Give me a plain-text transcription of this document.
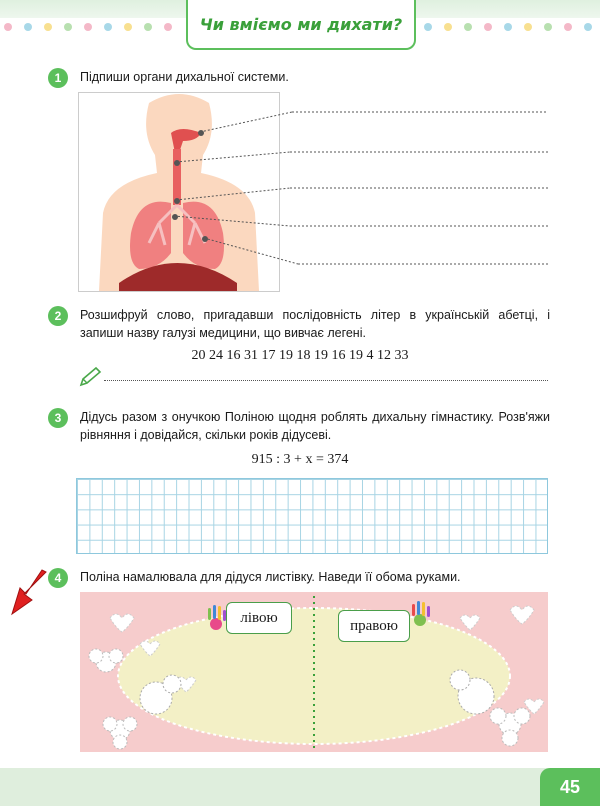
Чи вміємо ми дихати?
1	Підпиши органи дихальної системи.
2	Розшифруй слово, пригадавши послідовність літер в українській абетці, і запиши назву галузі медицини, що вивчає легені.
20 24 16 31 17 19 18 19 16 19 4 12 33
3	Дідусь разом з онучкою Поліною щодня роблять дихальну гімнастику. Розв'яжи рівняння і довідайся, скільки років дідусеві.
915 : 3 + x = 374
4	Поліна намалювала для дідуся листівку. Наведи її обома руками.
лівою	правою
45
